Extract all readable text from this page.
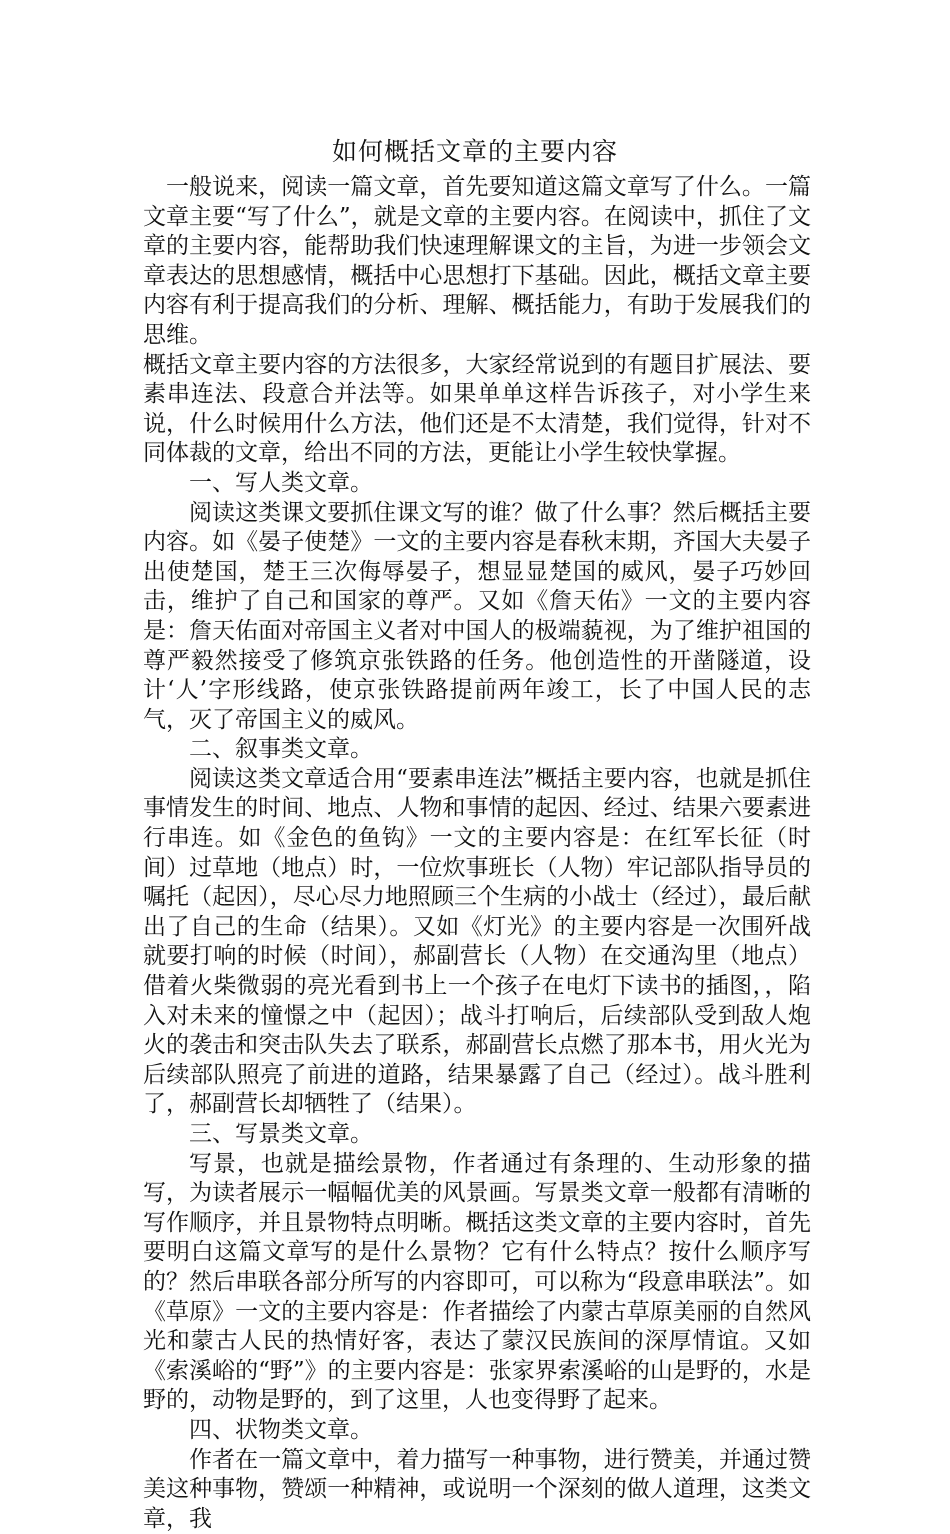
如何概括文章的主要内容

一般说来，阅读一篇文章，首先要知道这篇文章写了什么。一篇文章主要“写了什么”，就是文章的主要内容。在阅读中，抓住了文章的主要内容，能帮助我们快速理解课文的主旨，为进一步领会文章表达的思想感情，概括中心思想打下基础。因此，概括文章主要内容有利于提高我们的分析、理解、概括能力，有助于发展我们的思维。

概括文章主要内容的方法很多，大家经常说到的有题目扩展法、要素串连法、段意合并法等。如果单单这样告诉孩子，对小学生来说，什么时候用什么方法，他们还是不太清楚，我们觉得，针对不同体裁的文章，给出不同的方法，更能让小学生较快掌握。

一、写人类文章。

阅读这类课文要抓住课文写的谁？做了什么事？然后概括主要内容。如《晏子使楚》一文的主要内容是春秋末期，齐国大夫晏子出使楚国，楚王三次侮辱晏子，想显显楚国的威风，晏子巧妙回击，维护了自己和国家的尊严。又如《詹天佑》一文的主要内容是：詹天佑面对帝国主义者对中国人的极端藐视，为了维护祖国的尊严毅然接受了修筑京张铁路的任务。他创造性的开凿隧道，设计‘人’字形线路，使京张铁路提前两年竣工，长了中国人民的志气，灭了帝国主义的威风。

二、叙事类文章。

阅读这类文章适合用“要素串连法”概括主要内容，也就是抓住事情发生的时间、地点、人物和事情的起因、经过、结果六要素进行串连。如《金色的鱼钩》一文的主要内容是：在红军长征（时间）过草地（地点）时，一位炊事班长（人物）牢记部队指导员的嘱托（起因），尽心尽力地照顾三个生病的小战士（经过），最后献出了自己的生命（结果）。又如《灯光》的主要内容是一次围歼战就要打响的时候（时间），郝副营长（人物）在交通沟里（地点）借着火柴微弱的亮光看到书上一个孩子在电灯下读书的插图，，陷入对未来的憧憬之中（起因）；战斗打响后，后续部队受到敌人炮火的袭击和突击队失去了联系，郝副营长点燃了那本书，用火光为后续部队照亮了前进的道路，结果暴露了自己（经过）。战斗胜利了，郝副营长却牺牲了（结果）。

三、写景类文章。

写景，也就是描绘景物，作者通过有条理的、生动形象的描写，为读者展示一幅幅优美的风景画。写景类文章一般都有清晰的写作顺序，并且景物特点明晰。概括这类文章的主要内容时，首先要明白这篇文章写的是什么景物？它有什么特点？按什么顺序写的？然后串联各部分所写的内容即可，可以称为“段意串联法”。如《草原》一文的主要内容是：作者描绘了内蒙古草原美丽的自然风光和蒙古人民的热情好客，表达了蒙汉民族间的深厚情谊。又如《索溪峪的“野”》的主要内容是：张家界索溪峪的山是野的，水是野的，动物是野的，到了这里，人也变得野了起来。

四、状物类文章。

作者在一篇文章中，着力描写一种事物，进行赞美，并通过赞美这种事物，赞颂一种精神，或说明一个深刻的做人道理，这类文章，我
